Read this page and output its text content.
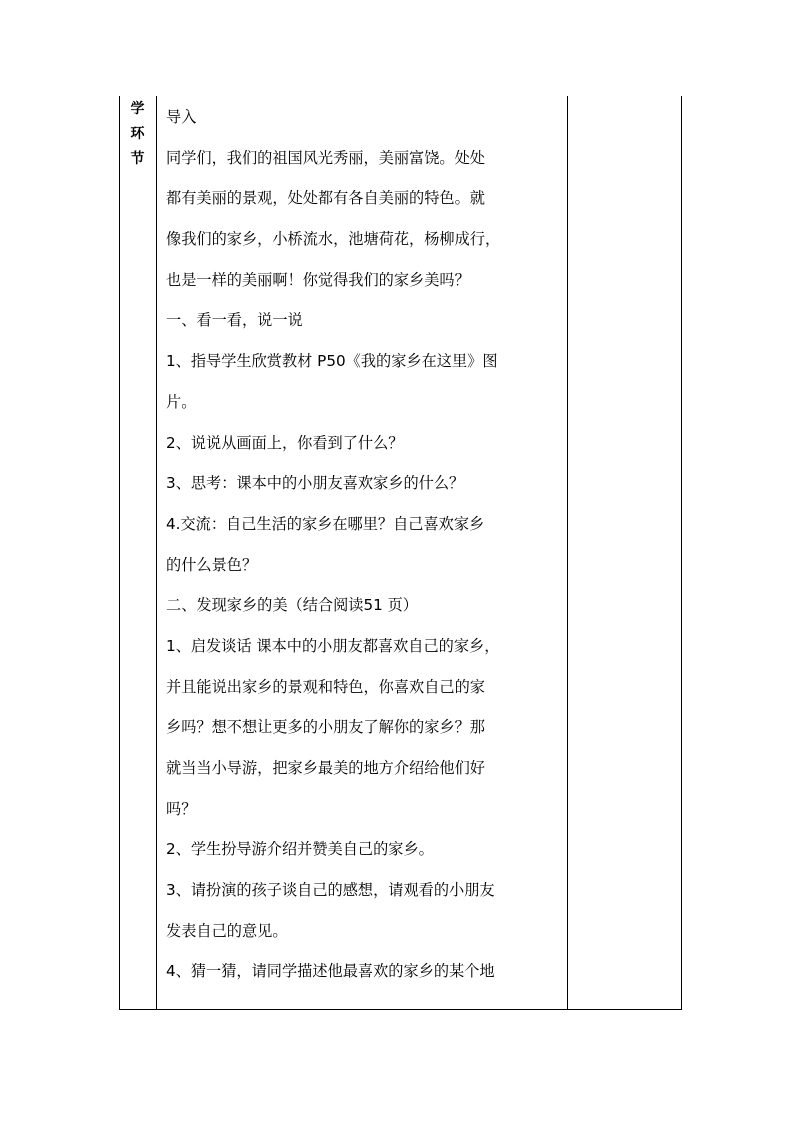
学
环
节
导入
同学们，我们的祖国风光秀丽，美丽富饶。处处
都有美丽的景观，处处都有各自美丽的特色。就
像我们的家乡，小桥流水，池塘荷花，杨柳成行，
也是一样的美丽啊！你觉得我们的家乡美吗？
一、看一看，说一说
1、指导学生欣赏教材 P50《我的家乡在这里》图
片。
2、说说从画面上，你看到了什么？
3、思考：课本中的小朋友喜欢家乡的什么？
4.交流：自己生活的家乡在哪里？自己喜欢家乡
的什么景色？
二、发现家乡的美（结合阅读51 页）
1、启发谈话 课本中的小朋友都喜欢自己的家乡，
并且能说出家乡的景观和特色，你喜欢自己的家
乡吗？想不想让更多的小朋友了解你的家乡？那
就当当小导游，把家乡最美的地方介绍给他们好
吗？
2、学生扮导游介绍并赞美自己的家乡。
3、请扮演的孩子谈自己的感想，请观看的小朋友
发表自己的意见。
4、猜一猜，请同学描述他最喜欢的家乡的某个地
